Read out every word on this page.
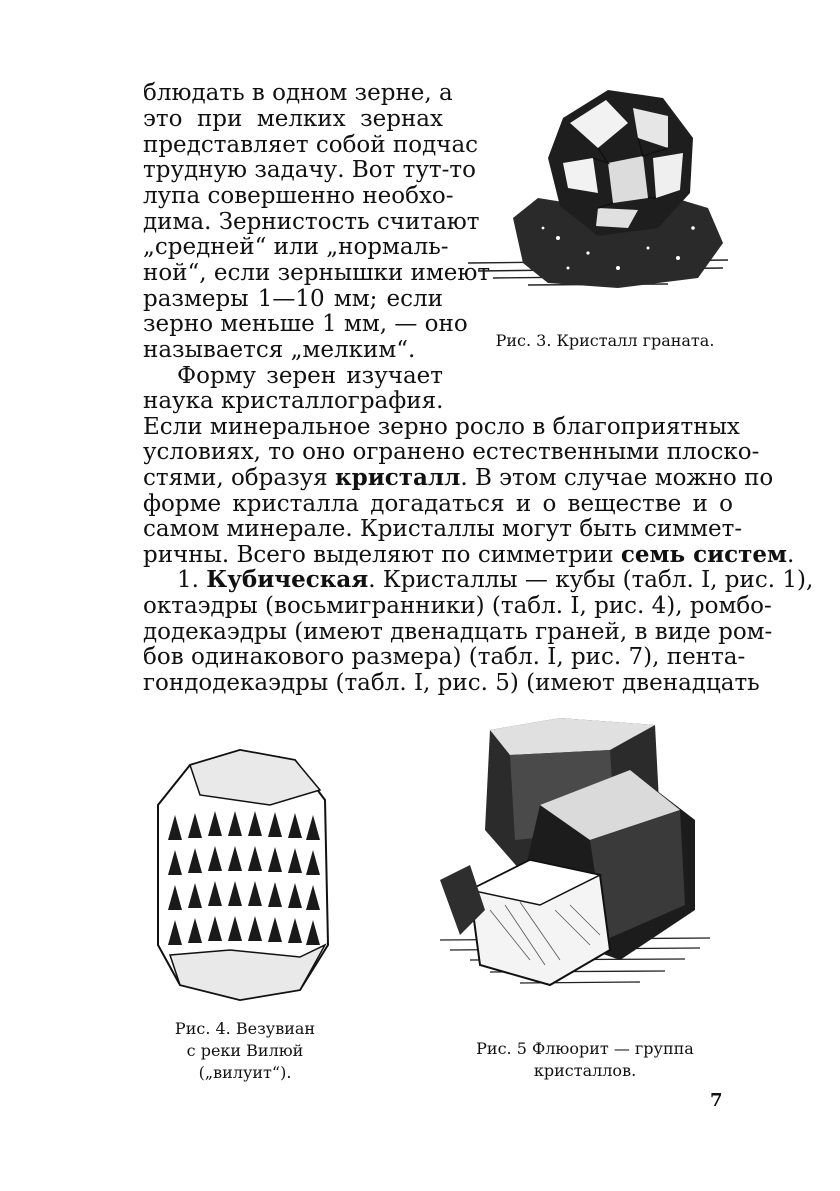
блюдать в одном зерне, а
это при мелких зернах
представляет собой подчас
трудную задачу. Вот тут-то
лупа совершенно необхо-
дима. Зернистость считают
„средней“ или „нормаль-
ной“, если зернышки имеют
размеры 1—10 мм; если
зерно меньше 1 мм, — оно
называется „мелким“.
Форму зерен изучает
наука кристаллография.
Рис. 3. Кристалл граната.
Если минеральное зерно росло в благоприятных
условиях, то оно огранено естественными плоско-
стями, образуя кристалл. В этом случае можно по
форме кристалла догадаться и о веществе и о
самом минерале. Кристаллы могут быть симмет-
ричны. Всего выделяют по симметрии семь систем.
1. Кубическая. Кристаллы — кубы (табл. I, рис. 1),
октаэдры (восьмигранники) (табл. I, рис. 4), ромбо-
додекаэдры (имеют двенадцать граней, в виде ром-
бов одинакового размера) (табл. I, рис. 7), пента-
гондодекаэдры (табл. I, рис. 5) (имеют двенадцать
Рис. 4. Везувиан
с реки Вилюй
(„вилуит“).
Рис. 5 Флюорит — группа
кристаллов.
7
